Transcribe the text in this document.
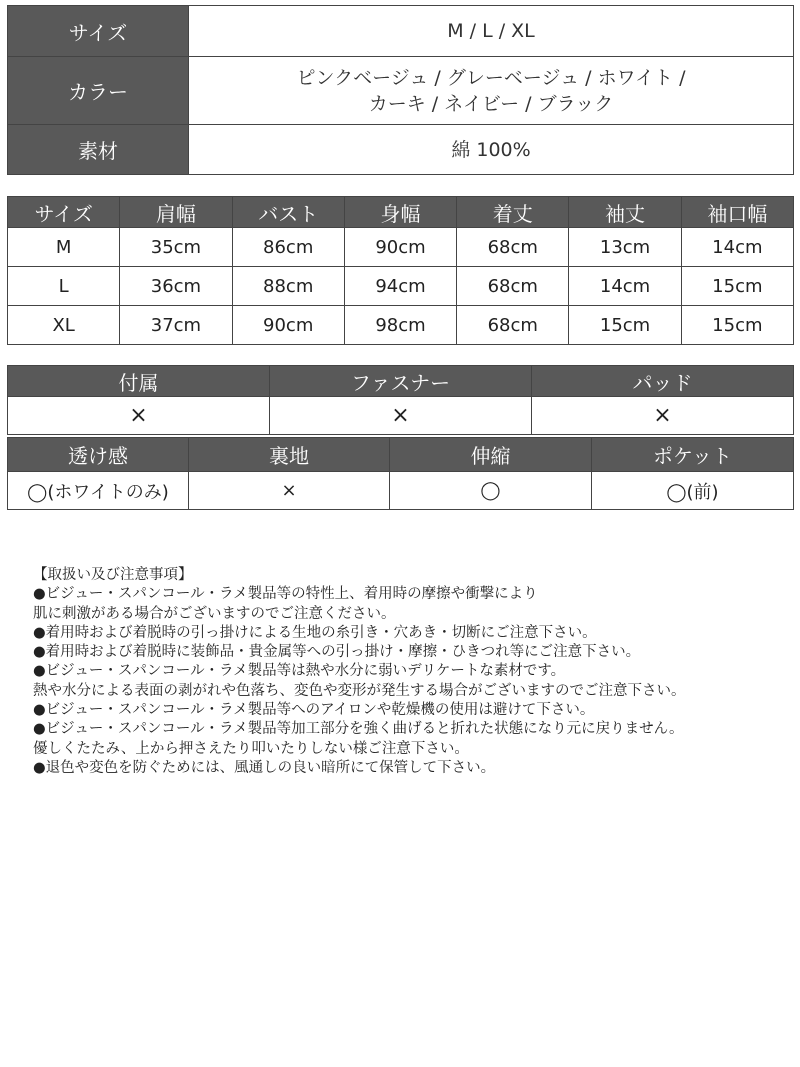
サイズ	M / L / XL
カラー	ピンクベージュ / グレーベージュ / ホワイト /
カーキ / ネイビー / ブラック

素材	綿 100%
サイズ	肩幅	バスト	身幅	着丈	袖丈	袖口幅
M	35cm	86cm	90cm	68cm	13cm	14cm
L	36cm	88cm	94cm	68cm	14cm	15cm
XL	37cm	90cm	98cm	68cm	15cm	15cm
付属	ファスナー	パッド
×	×	×
透け感	裏地	伸縮	ポケット
◯(ホワイトのみ)	×	◯	◯(前)
【取扱い及び注意事項】
●ビジュー・スパンコール・ラメ製品等の特性上、着用時の摩擦や衝撃により
肌に刺激がある場合がございますのでご注意ください。
●着用時および着脱時の引っ掛けによる生地の糸引き・穴あき・切断にご注意下さい。
●着用時および着脱時に装飾品・貴金属等への引っ掛け・摩擦・ひきつれ等にご注意下さい。
●ビジュー・スパンコール・ラメ製品等は熱や水分に弱いデリケートな素材です。
熱や水分による表面の剥がれや色落ち、変色や変形が発生する場合がございますのでご注意下さい。
●ビジュー・スパンコール・ラメ製品等へのアイロンや乾燥機の使用は避けて下さい。
●ビジュー・スパンコール・ラメ製品等加工部分を強く曲げると折れた状態になり元に戻りません。
優しくたたみ、上から押さえたり叩いたりしない様ご注意下さい。
●退色や変色を防ぐためには、風通しの良い暗所にて保管して下さい。
